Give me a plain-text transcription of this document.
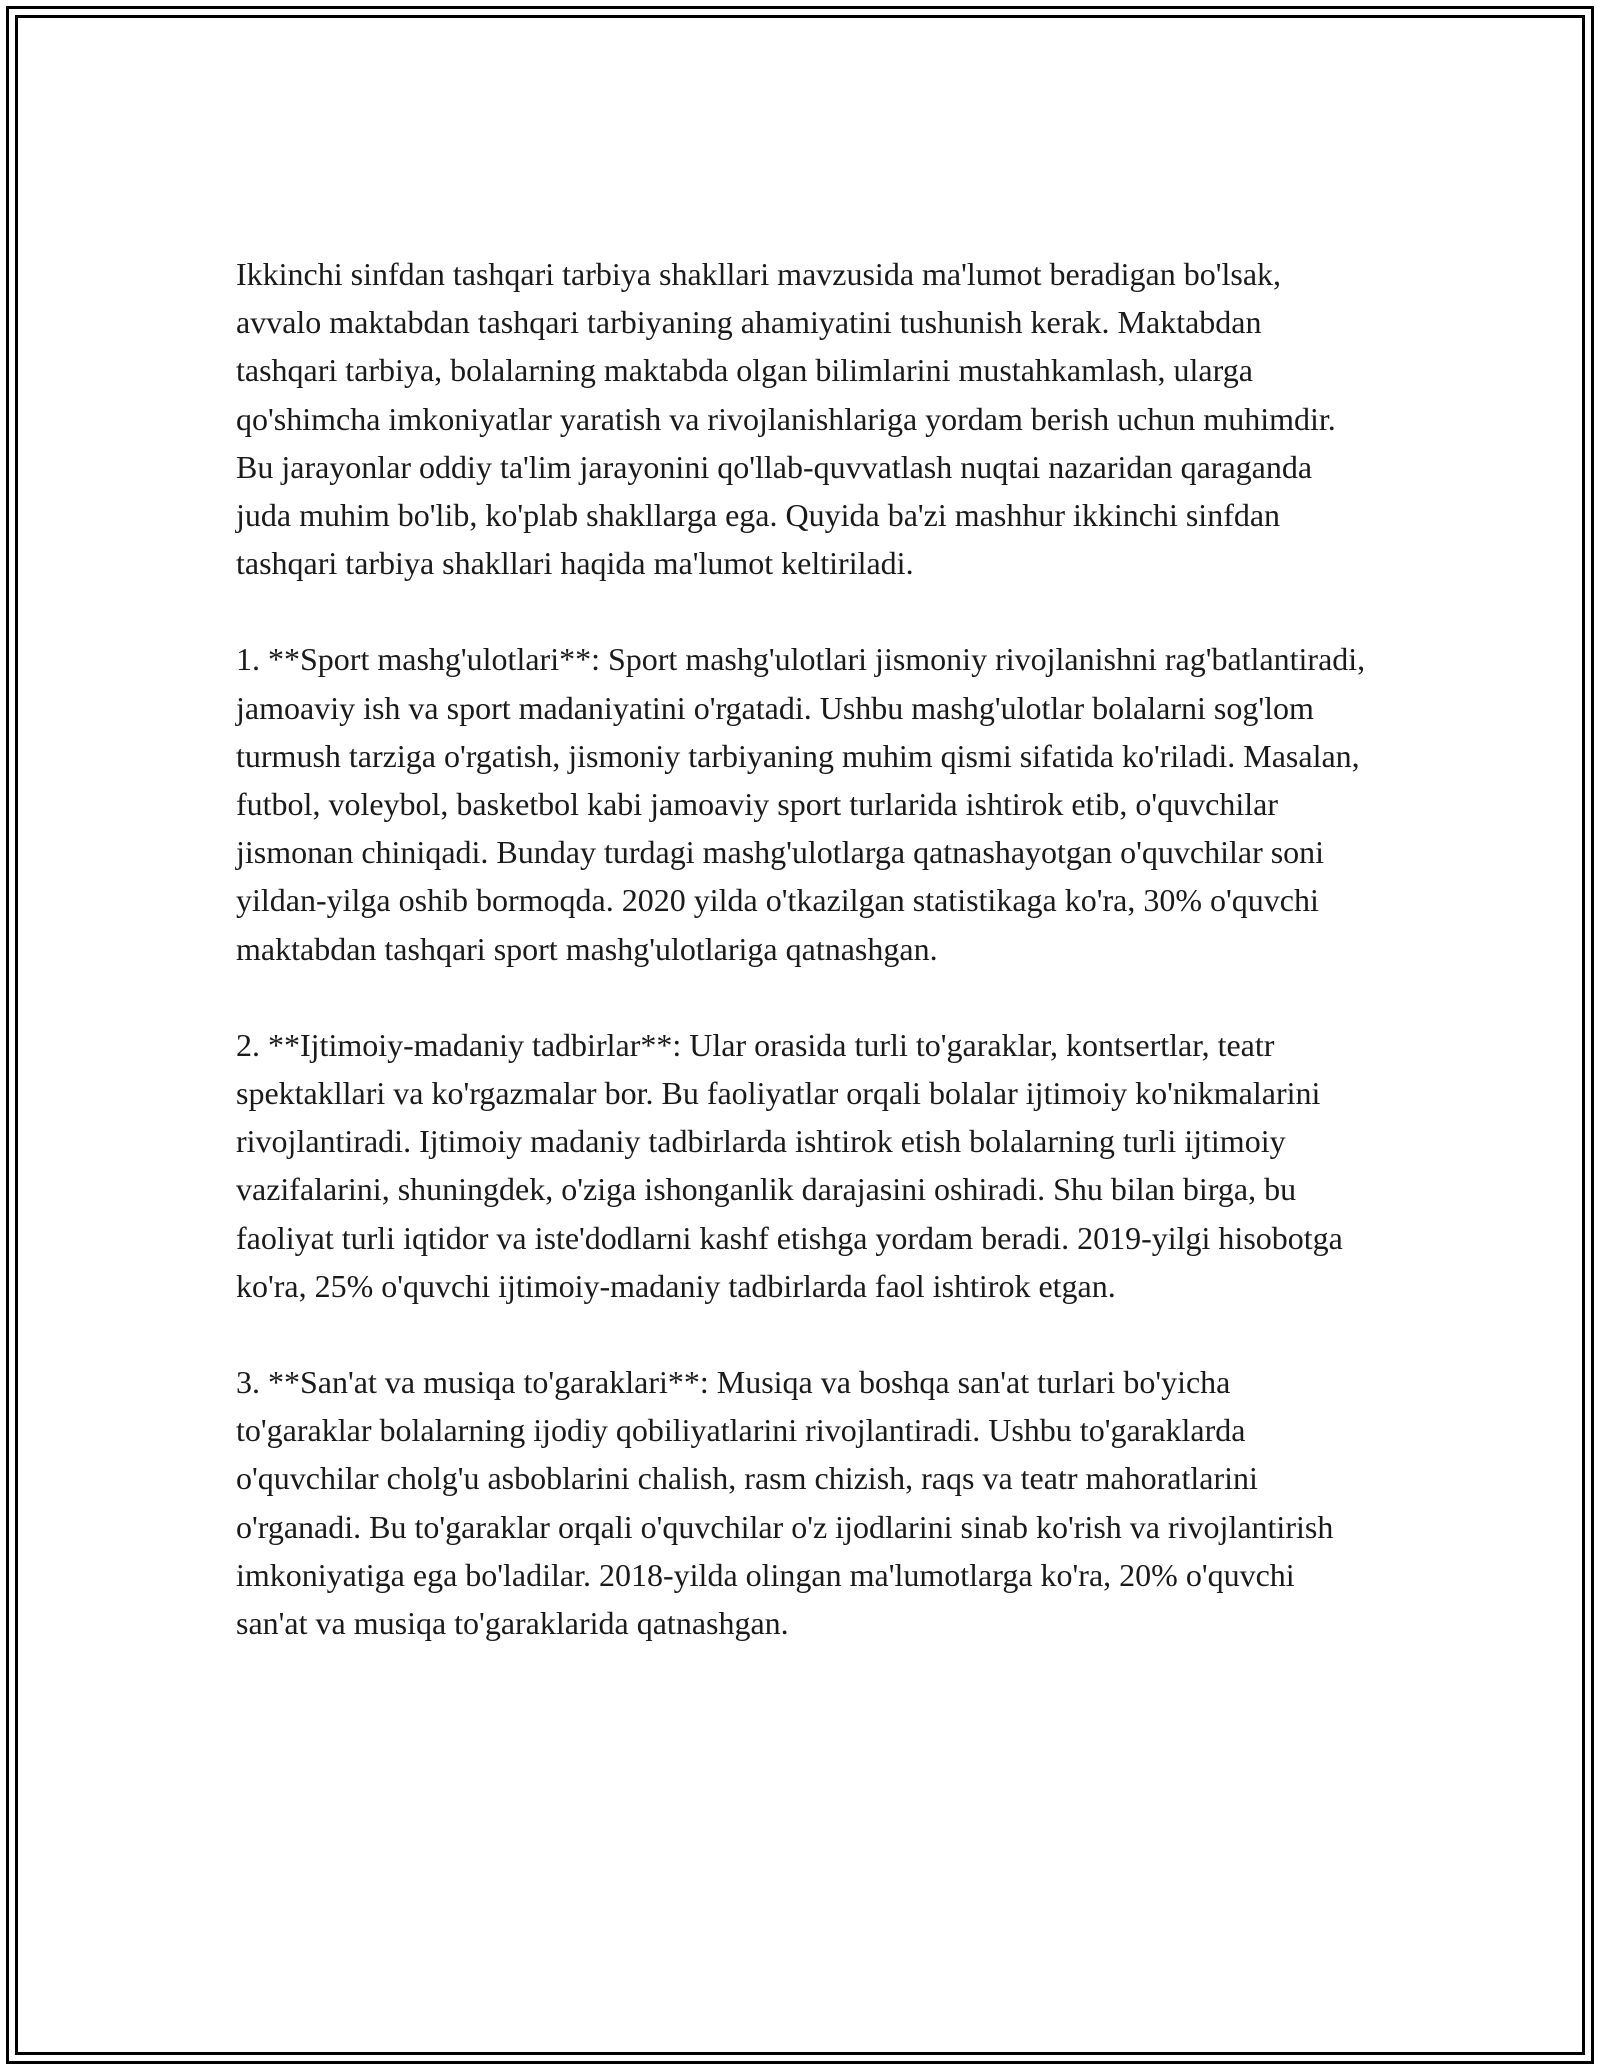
Ikkinchi sinfdan tashqari tarbiya shakllari mavzusida ma'lumot beradigan bo'lsak, avvalo maktabdan tashqari tarbiyaning ahamiyatini tushunish kerak. Maktabdan tashqari tarbiya, bolalarning maktabda olgan bilimlarini mustahkamlash, ularga qo'shimcha imkoniyatlar yaratish va rivojlanishlariga yordam berish uchun muhimdir. Bu jarayonlar oddiy ta'lim jarayonini qo'llab-quvvatlash nuqtai nazaridan qaraganda juda muhim bo'lib, ko'plab shakllarga ega. Quyida ba'zi mashhur ikkinchi sinfdan tashqari tarbiya shakllari haqida ma'lumot keltiriladi.

1. **Sport mashg'ulotlari**: Sport mashg'ulotlari jismoniy rivojlanishni rag'batlantiradi, jamoaviy ish va sport madaniyatini o'rgatadi. Ushbu mashg'ulotlar bolalarni sog'lom turmush tarziga o'rgatish, jismoniy tarbiyaning muhim qismi sifatida ko'riladi. Masalan, futbol, voleybol, basketbol kabi jamoaviy sport turlarida ishtirok etib, o'quvchilar jismonan chiniqadi. Bunday turdagi mashg'ulotlarga qatnashayotgan o'quvchilar soni yildan-yilga oshib bormoqda. 2020 yilda o'tkazilgan statistikaga ko'ra, 30% o'quvchi maktabdan tashqari sport mashg'ulotlariga qatnashgan.

2. **Ijtimoiy-madaniy tadbirlar**: Ular orasida turli to'garaklar, kontsertlar, teatr spektakllari va ko'rgazmalar bor. Bu faoliyatlar orqali bolalar ijtimoiy ko'nikmalarini rivojlantiradi. Ijtimoiy madaniy tadbirlarda ishtirok etish bolalarning turli ijtimoiy vazifalarini, shuningdek, o'ziga ishonganlik darajasini oshiradi. Shu bilan birga, bu faoliyat turli iqtidor va iste'dodlarni kashf etishga yordam beradi. 2019-yilgi hisobotga ko'ra, 25% o'quvchi ijtimoiy-madaniy tadbirlarda faol ishtirok etgan.

3. **San'at va musiqa to'garaklari**: Musiqa va boshqa san'at turlari bo'yicha to'garaklar bolalarning ijodiy qobiliyatlarini rivojlantiradi. Ushbu to'garaklarda o'quvchilar cholg'u asboblarini chalish, rasm chizish, raqs va teatr mahoratlarini o'rganadi. Bu to'garaklar orqali o'quvchilar o'z ijodlarini sinab ko'rish va rivojlantirish imkoniyatiga ega bo'ladilar. 2018-yilda olingan ma'lumotlarga ko'ra, 20% o'quvchi san'at va musiqa to'garaklarida qatnashgan.
